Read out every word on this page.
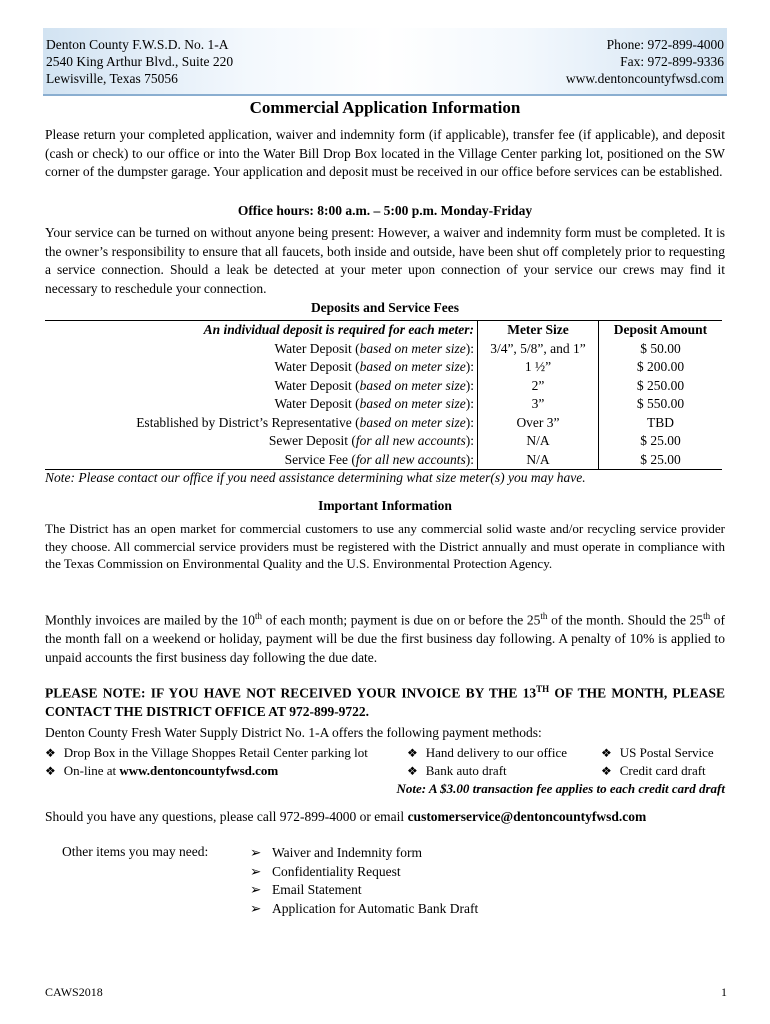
Denton County F.W.S.D. No. 1-A
2540 King Arthur Blvd., Suite 220
Lewisville, Texas 75056
Phone: 972-899-4000
Fax: 972-899-9336
www.dentoncountyfwsd.com
Commercial Application Information
Please return your completed application, waiver and indemnity form (if applicable), transfer fee (if applicable), and deposit (cash or check) to our office or into the Water Bill Drop Box located in the Village Center parking lot, positioned on the SW corner of the dumpster garage. Your application and deposit must be received in our office before services can be established.
Office hours: 8:00 a.m. – 5:00 p.m. Monday-Friday
Your service can be turned on without anyone being present: However, a waiver and indemnity form must be completed. It is the owner’s responsibility to ensure that all faucets, both inside and outside, have been shut off completely prior to requesting a service connection. Should a leak be detected at your meter upon connection of your service our crews may find it necessary to reschedule your connection.
Deposits and Service Fees
An individual deposit is required for each meter:	Meter Size	Deposit Amount
Water Deposit (based on meter size):	3/4”, 5/8”, and 1”	$ 50.00
Water Deposit (based on meter size):	1 ½”	$ 200.00
Water Deposit (based on meter size):	2”	$ 250.00
Water Deposit (based on meter size):	3”	$ 550.00
Established by District’s Representative (based on meter size):	Over 3”	TBD
Sewer Deposit (for all new accounts):	N/A	$ 25.00
Service Fee (for all new accounts):	N/A	$ 25.00
Note: Please contact our office if you need assistance determining what size meter(s) you may have.
Important Information
The District has an open market for commercial customers to use any commercial solid waste and/or recycling service provider they choose. All commercial service providers must be registered with the District annually and must operate in compliance with the Texas Commission on Environmental Quality and the U.S. Environmental Protection Agency.
Monthly invoices are mailed by the 10th of each month; payment is due on or before the 25th of the month. Should the 25th of the month fall on a weekend or holiday, payment will be due the first business day following. A penalty of 10% is applied to unpaid accounts the first business day following the due date.
PLEASE NOTE: IF YOU HAVE NOT RECEIVED YOUR INVOICE BY THE 13TH OF THE MONTH, PLEASE CONTACT THE DISTRICT OFFICE AT 972-899-9722.
Denton County Fresh Water Supply District No. 1-A offers the following payment methods:
❖ Drop Box in the Village Shoppes Retail Center parking lot	❖ Hand delivery to our office	❖ US Postal Service
❖ On-line at www.dentoncountyfwsd.com	❖ Bank auto draft	❖ Credit card draft
Note: A $3.00 transaction fee applies to each credit card draft
Should you have any questions, please call 972-899-4000 or email customerservice@dentoncountyfwsd.com
Other items you may need:	➢ Waiver and Indemnity form
➢ Confidentiality Request
➢ Email Statement
➢ Application for Automatic Bank Draft
CAWS2018	1
